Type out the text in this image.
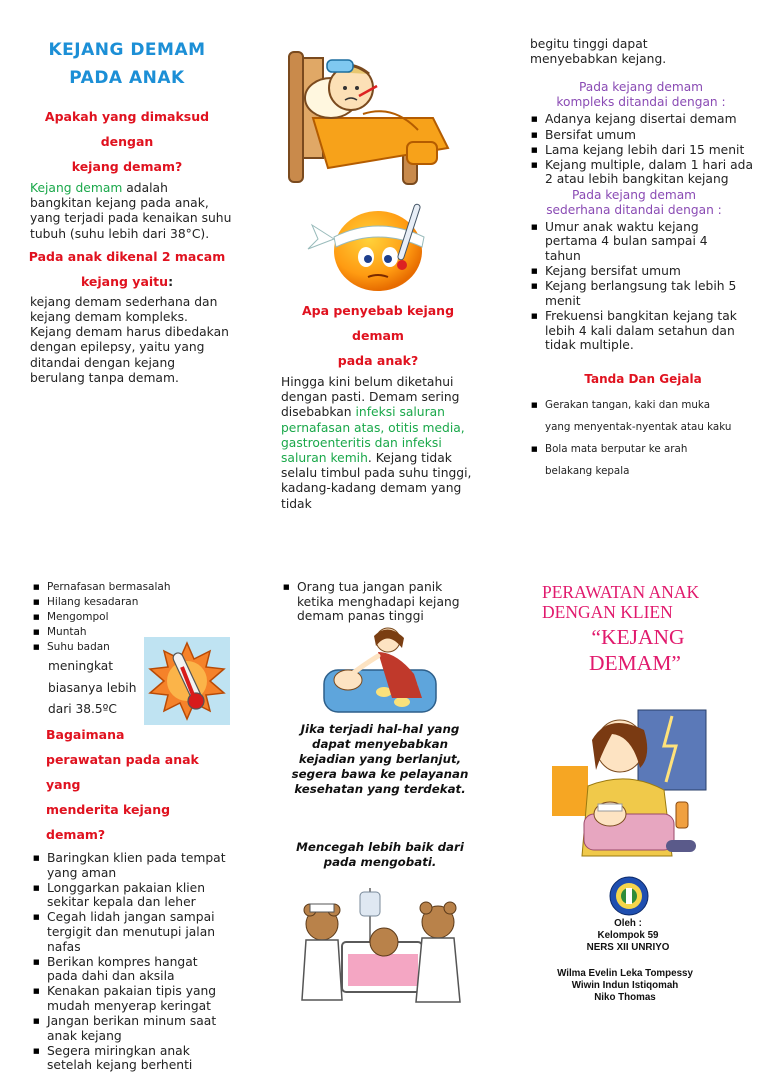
KEJANG DEMAM
PADA ANAK
Apakah yang dimaksud dengan
kejang demam?

Kejang demam adalah bangkitan kejang pada anak, yang terjadi pada kenaikan suhu tubuh (suhu lebih dari 38°C).

Pada anak dikenal 2 macam
kejang yaitu:

kejang demam sederhana dan kejang demam kompleks. Kejang demam harus dibedakan dengan epilepsy, yaitu yang ditandai dengan kejang berulang tanpa demam.

Apa penyebab kejang demam
pada anak?

Hingga kini belum diketahui dengan pasti. Demam sering disebabkan infeksi saluran pernafasan atas, otitis media, gastroenteritis dan infeksi saluran kemih. Kejang tidak selalu timbul pada suhu tinggi, kadang-kadang demam yang tidak

begitu tinggi dapat menyebabkan kejang.

Pada kejang demam kompleks ditandai dengan :
■ Adanya kejang disertai demam
■ Bersifat umum
■ Lama kejang lebih dari 15 menit
■ Kejang multiple, dalam 1 hari ada 2 atau lebih bangkitan kejang
Pada kejang demam sederhana ditandai dengan :
■ Umur anak waktu kejang pertama 4 bulan sampai 4 tahun
■ Kejang bersifat umum
■ Kejang berlangsung tak lebih 5 menit
■ Frekuensi bangkitan kejang tak lebih 4 kali dalam setahun dan tidak multiple.
Tanda Dan Gejala
■ Gerakan tangan, kaki dan muka yang menyentak-nyentak atau kaku
■ Bola mata berputar ke arah belakang kepala
■ Pernafasan bermasalah
■ Hilang kesadaran
■ Mengompol
■ Muntah
■ Suhu badan
meningkat
biasanya lebih
dari 38.5ºC
Bagaimana
perawatan pada anak yang
menderita kejang demam?
■ Baringkan klien pada tempat yang aman
■ Longgarkan pakaian klien sekitar kepala dan leher
■ Cegah lidah jangan sampai tergigit dan menutupi jalan nafas
■ Berikan kompres hangat pada dahi dan aksila
■ Kenakan pakaian tipis yang mudah menyerap keringat
■ Jangan berikan minum saat anak kejang
■ Segera miringkan anak setelah kejang berhenti
■ Orang tua jangan panik ketika menghadapi kejang demam panas tinggi
Jika terjadi hal-hal yang dapat menyebabkan kejadian yang berlanjut, segera bawa ke pelayanan kesehatan yang terdekat.
Mencegah lebih baik dari pada mengobati.
PERAWATAN ANAK
DENGAN KLIEN
“KEJANG
DEMAM”
Oleh :
Kelompok 59
NERS XII UNRIYO
Wilma Evelin Leka Tompessy
Wiwin Indun Istiqomah
Niko Thomas
